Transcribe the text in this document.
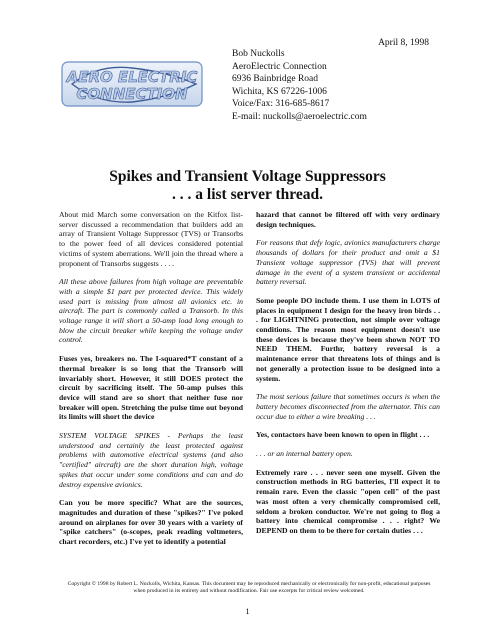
April 8, 1998
AERO ELECTRIC
CONNECTION
Bob Nuckolls
AeroElectric Connection
6936 Bainbridge Road
Wichita, KS 67226-1006
Voice/Fax: 316-685-8617
E-mail: nuckolls@aeroelectric.com
Spikes and Transient Voltage Suppressors
. . . a list server thread.

About mid March some conversation on the Kitfox list-server discussed a recommendation that builders add an array of Transient Voltage Suppressor (TVS) or Transorbs to the power feed of all devices considered potential victims of system aberrations. We'll join the thread where a proponent of Transorbs suggests . . . .

All these above failures from high voltage are preventable with a simple $1 part per protected device. This widely used part is missing from almost all avionics etc. in aircraft. The part is commonly called a Transorb. In this voltage range it will short a 50-amp load long enough to blow the circuit breaker while keeping the voltage under control.

Fuses yes, breakers no. The I-squared*T constant of a thermal breaker is so long that the Transorb will invariably short. However, it still DOES protect the circuit by sacrificing itself. The 50-amp pulses this device will stand are so short that neither fuse nor breaker will open. Stretching the pulse time out beyond its limits will short the device

SYSTEM VOLTAGE SPIKES - Perhaps the least understood and certainly the least protected against problems with automotive electrical systems (and also "certified" aircraft) are the short duration high, voltage spikes that occur under some conditions and can and do destroy expensive avionics.

Can you be more specific? What are the sources, magnitudes and duration of these "spikes?" I've poked around on airplanes for over 30 years with a variety of "spike catchers" (o-scopes, peak reading voltmeters, chart recorders, etc.) I've yet to identify a potential

hazard that cannot be filtered off with very ordinary design techniques.

For reasons that defy logic, avionics manufacturers charge thousands of dollars for their product and omit a $1 Transient voltage suppressor (TVS) that will prevent damage in the event of a system transient or accidental battery reversal.

Some people DO include them. I use them in LOTS of places in equipment I design for the heavy iron birds . . . for LIGHTNING protection, not simple over voltage conditions. The reason most equipment doesn't use these devices is because they've been shown NOT TO NEED THEM. Furthr, battery reversal is a maintenance error that threatens lots of things and is not generally a protection issue to be designed into a system.

The most serious failure that sometimes occurs is when the battery becomes disconnected from the alternator. This can occur due to either a wire breaking . . .

Yes, contactors have been known to open in flight . . .

. . . or an internal battery open.

Extremely rare . . . never seen one myself. Given the construction methods in RG batteries, I'll expect it to remain rare. Even the classic "open cell" of the past was most often a very chemically compromised cell, seldom a broken conductor. We're not going to flog a battery into chemical compromise . . . right? We DEPEND on them to be there for certain duties . . .

Copyright © 1998 by Robert L. Nuckolls, Wichita, Kansas. This document may be reproduced mechanically or electronically for non-profit, educational purposes when produced in its entirety and without modification. Fair use excerpts for critical review welcomed.
1
